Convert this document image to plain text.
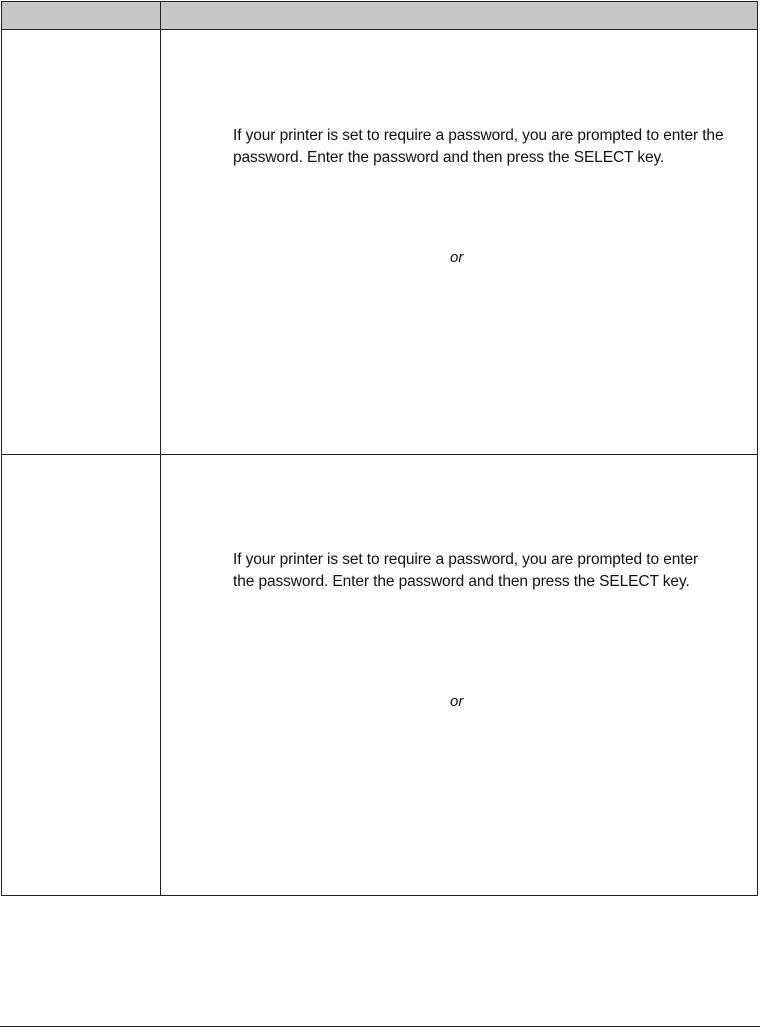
If your printer is set to require a password, you are prompted to enter the password. Enter the password and then press the SELECT key.

or

If your printer is set to require a password, you are prompted to enter the password. Enter the password and then press the SELECT key.

or
